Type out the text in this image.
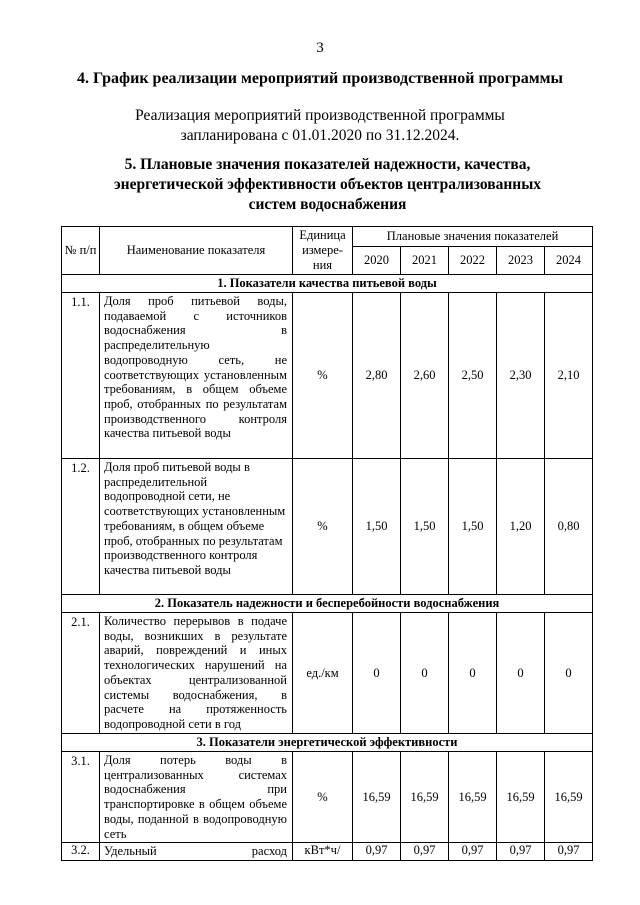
3
4. График реализации мероприятий производственной программы
Реализация мероприятий производственной программы
запланирована с 01.01.2020 по 31.12.2024.
5. Плановые значения показателей надежности, качества,
энергетической эффективности объектов централизованных
систем водоснабжения
№ п/п	Наименование показателя	Единица измере-ния	Плановые значения показателей				
			2020	2021	2022	2023	2024
1. Показатели качества питьевой воды							
1.1.	Доля проб питьевой воды, подаваемой с источников водоснабжения в распределительную водопроводную сеть, не соответствующих установленным требованиям, в общем объеме проб, отобранных по результатам производственного контроля качества питьевой воды	%	2,80	2,60	2,50	2,30	2,10
1.2.	Доля проб питьевой воды в распределительной водопроводной сети, не соответствующих установленным требованиям, в общем объеме проб, отобранных по результатам производственного контроля качества питьевой воды	%	1,50	1,50	1,50	1,20	0,80
2. Показатель надежности и бесперебойности водоснабжения							
2.1.	Количество перерывов в подаче воды, возникших в результате аварий, повреждений и иных технологических нарушений на объектах централизованной системы водоснабжения, в расчете на протяженность водопроводной сети в год	ед./км	0	0	0	0	0
3. Показатели энергетической эффективности							
3.1.	Доля потерь воды в централизованных системах водоснабжения при транспортировке в общем объеме воды, поданной в водопроводную сеть	%	16,59	16,59	16,59	16,59	16,59
3.2.	Удельный расход	кВт*ч/	0,97	0,97	0,97	0,97	0,97
